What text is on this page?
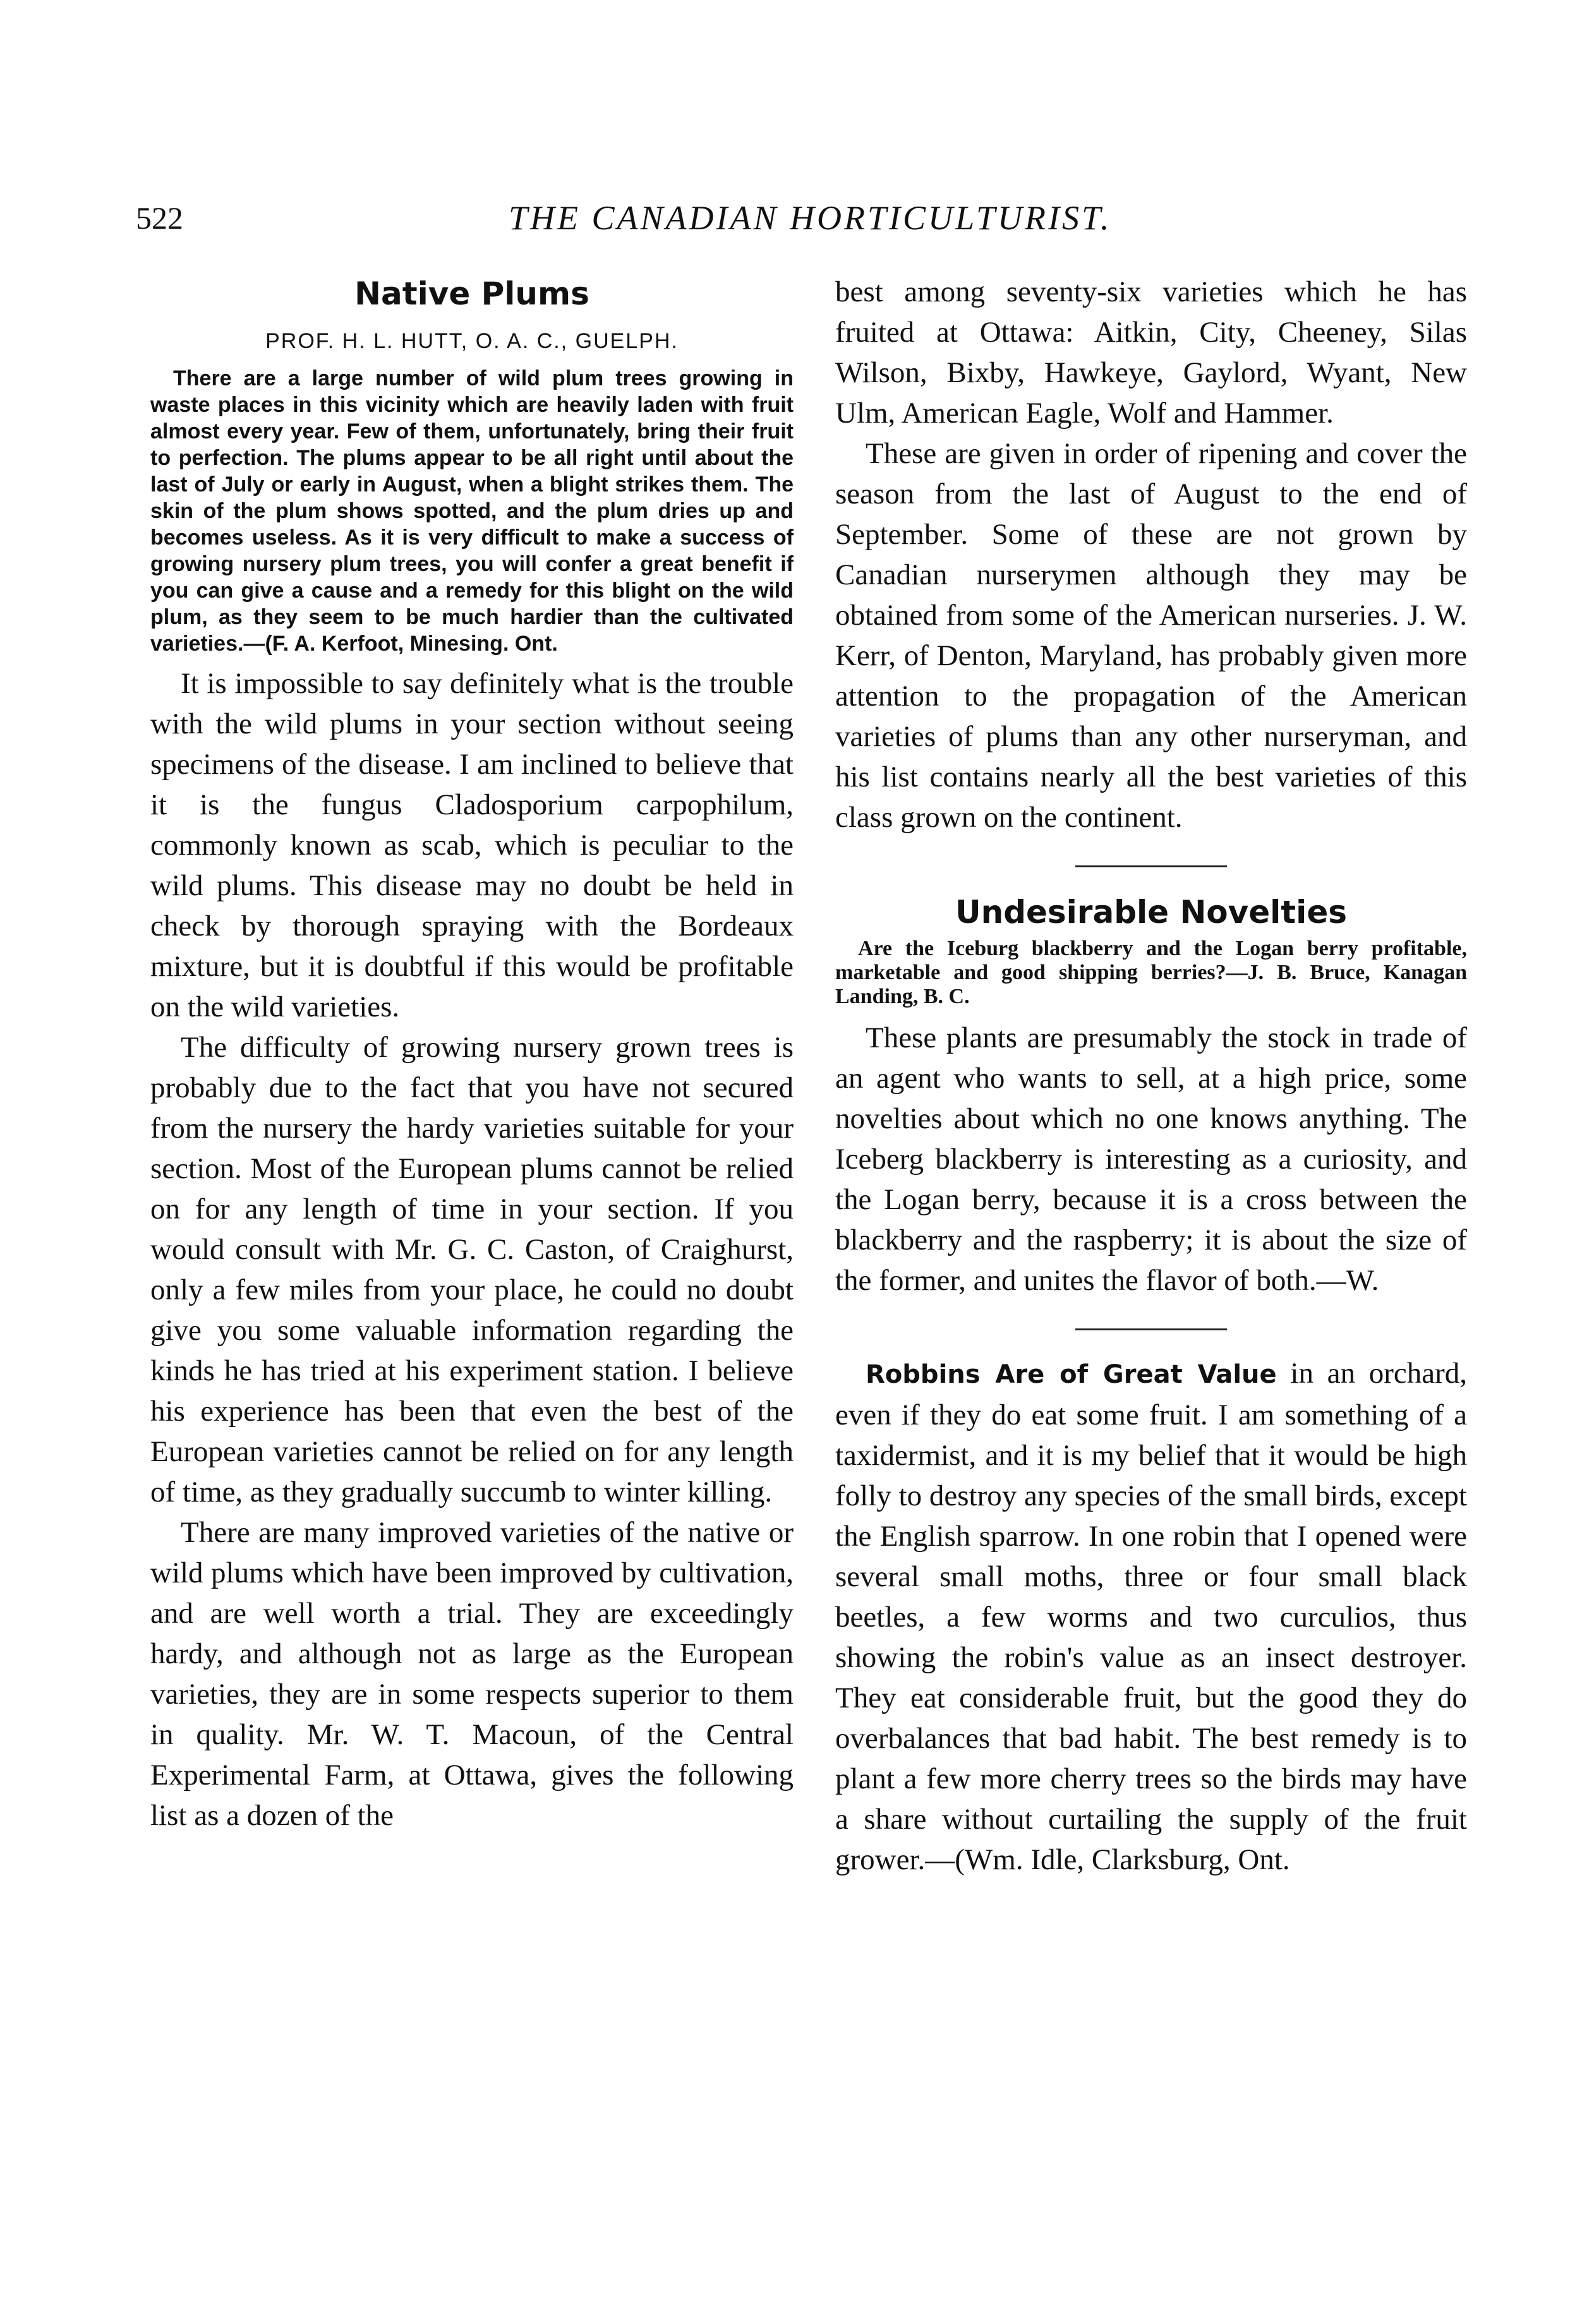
522	THE CANADIAN HORTICULTURIST.
Native Plums
PROF. H. L. HUTT, O. A. C., GUELPH.

There are a large number of wild plum trees growing in waste places in this vicinity which are heavily laden with fruit almost every year. Few of them, unfortunately, bring their fruit to perfection. The plums appear to be all right until about the last of July or early in August, when a blight strikes them. The skin of the plum shows spotted, and the plum dries up and becomes useless. As it is very difficult to make a success of growing nursery plum trees, you will confer a great benefit if you can give a cause and a remedy for this blight on the wild plum, as they seem to be much hardier than the cultivated varieties.—(F. A. Kerfoot, Minesing. Ont.

It is impossible to say definitely what is the trouble with the wild plums in your section without seeing specimens of the disease. I am inclined to believe that it is the fungus Cladosporium carpophilum, commonly known as scab, which is peculiar to the wild plums. This disease may no doubt be held in check by thorough spraying with the Bordeaux mixture, but it is doubtful if this would be profitable on the wild varieties.

The difficulty of growing nursery grown trees is probably due to the fact that you have not secured from the nursery the hardy varieties suitable for your section. Most of the European plums cannot be relied on for any length of time in your section. If you would consult with Mr. G. C. Caston, of Craighurst, only a few miles from your place, he could no doubt give you some valuable information regarding the kinds he has tried at his experiment station. I believe his experience has been that even the best of the European varieties cannot be relied on for any length of time, as they gradually succumb to winter killing.

There are many improved varieties of the native or wild plums which have been improved by cultivation, and are well worth a trial. They are exceedingly hardy, and although not as large as the European varieties, they are in some respects superior to them in quality. Mr. W. T. Macoun, of the Central Experimental Farm, at Ottawa, gives the following list as a dozen of the

best among seventy-six varieties which he has fruited at Ottawa: Aitkin, City, Cheeney, Silas Wilson, Bixby, Hawkeye, Gaylord, Wyant, New Ulm, American Eagle, Wolf and Hammer.

These are given in order of ripening and cover the season from the last of August to the end of September. Some of these are not grown by Canadian nurserymen although they may be obtained from some of the American nurseries. J. W. Kerr, of Denton, Maryland, has probably given more attention to the propagation of the American varieties of plums than any other nurseryman, and his list contains nearly all the best varieties of this class grown on the continent.

Undesirable Novelties

Are the Iceburg blackberry and the Logan berry profitable, marketable and good shipping berries?—J. B. Bruce, Kanagan Landing, B. C.

These plants are presumably the stock in trade of an agent who wants to sell, at a high price, some novelties about which no one knows anything. The Iceberg blackberry is interesting as a curiosity, and the Logan berry, because it is a cross between the blackberry and the raspberry; it is about the size of the former, and unites the flavor of both.—W.

Robbins Are of Great Value in an orchard, even if they do eat some fruit. I am something of a taxidermist, and it is my belief that it would be high folly to destroy any species of the small birds, except the English sparrow. In one robin that I opened were several small moths, three or four small black beetles, a few worms and two curculios, thus showing the robin's value as an insect destroyer. They eat considerable fruit, but the good they do overbalances that bad habit. The best remedy is to plant a few more cherry trees so the birds may have a share without curtailing the supply of the fruit grower.—(Wm. Idle, Clarksburg, Ont.
